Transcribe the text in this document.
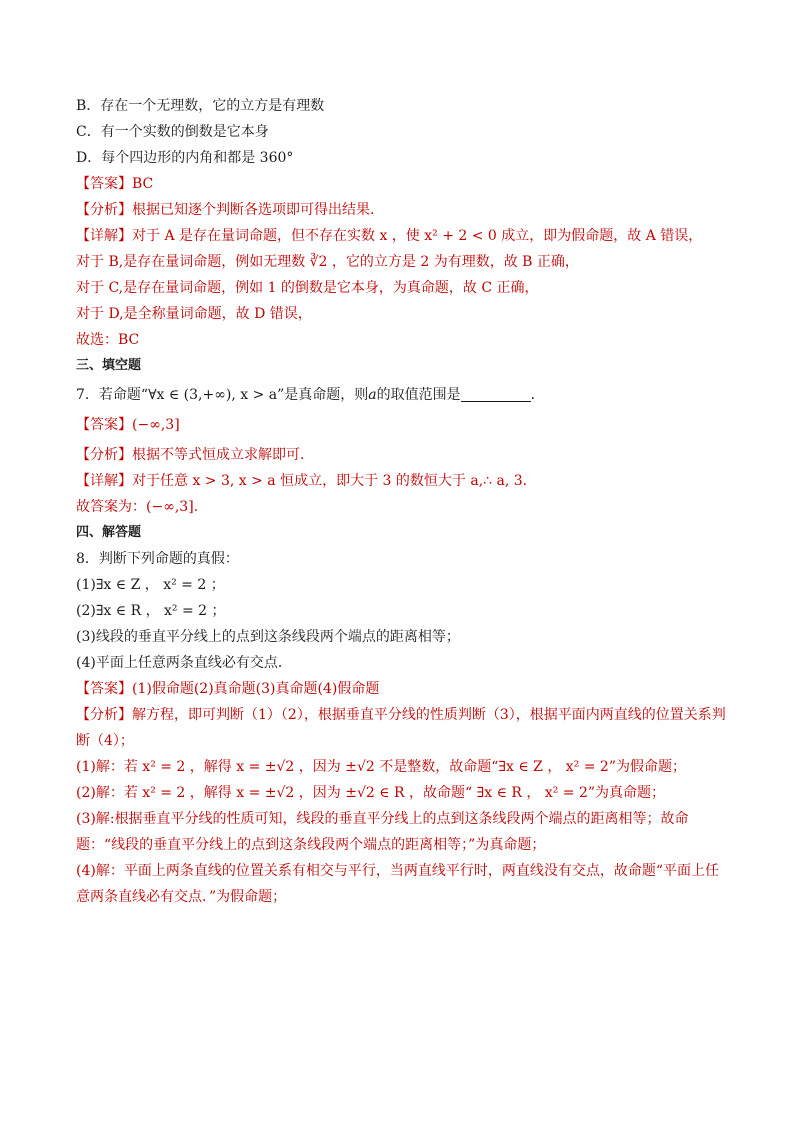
B．存在一个无理数，它的立方是有理数
C．有一个实数的倒数是它本身
D．每个四边形的内角和都是 360°
【答案】BC
【分析】根据已知逐个判断各选项即可得出结果.
【详解】对于 A 是存在量词命题，但不存在实数 x ，使 x² + 2 < 0 成立，即为假命题，故 A 错误，
对于 B,是存在量词命题，例如无理数 ∛2 ，它的立方是 2 为有理数，故 B 正确，
对于 C,是存在量词命题，例如 1 的倒数是它本身，为真命题，故 C 正确，
对于 D,是全称量词命题，故 D 错误，
故选：BC
三、填空题
7．若命题“∀x ∈ (3,+∞), x > a”是真命题，则a的取值范围是	.
【答案】(−∞,3]
【分析】根据不等式恒成立求解即可.
【详解】对于任意 x > 3, x > a 恒成立，即大于 3 的数恒大于 a,∴ a, 3.
故答案为：(−∞,3].
四、解答题
8．判断下列命题的真假：
(1)∃x ∈ Z ， x² = 2 ；
(2)∃x ∈ R ， x² = 2 ；
(3)线段的垂直平分线上的点到这条线段两个端点的距离相等；
(4)平面上任意两条直线必有交点．
【答案】(1)假命题(2)真命题(3)真命题(4)假命题
【分析】解方程，即可判断（1）（2），根据垂直平分线的性质判断（3），根据平面内两直线的位置关系判断（4）；
(1)解：若 x² = 2 ，解得 x = ±√2 ，因为 ±√2 不是整数，故命题“∃x ∈ Z ， x² = 2”为假命题；
(2)解：若 x² = 2 ，解得 x = ±√2 ，因为 ±√2 ∈ R ，故命题“ ∃x ∈ R ， x² = 2”为真命题；
(3)解:根据垂直平分线的性质可知，线段的垂直平分线上的点到这条线段两个端点的距离相等；故命题：“线段的垂直平分线上的点到这条线段两个端点的距离相等；”为真命题；
(4)解：平面上两条直线的位置关系有相交与平行，当两直线平行时，两直线没有交点，故命题“平面上任意两条直线必有交点．”为假命题；
